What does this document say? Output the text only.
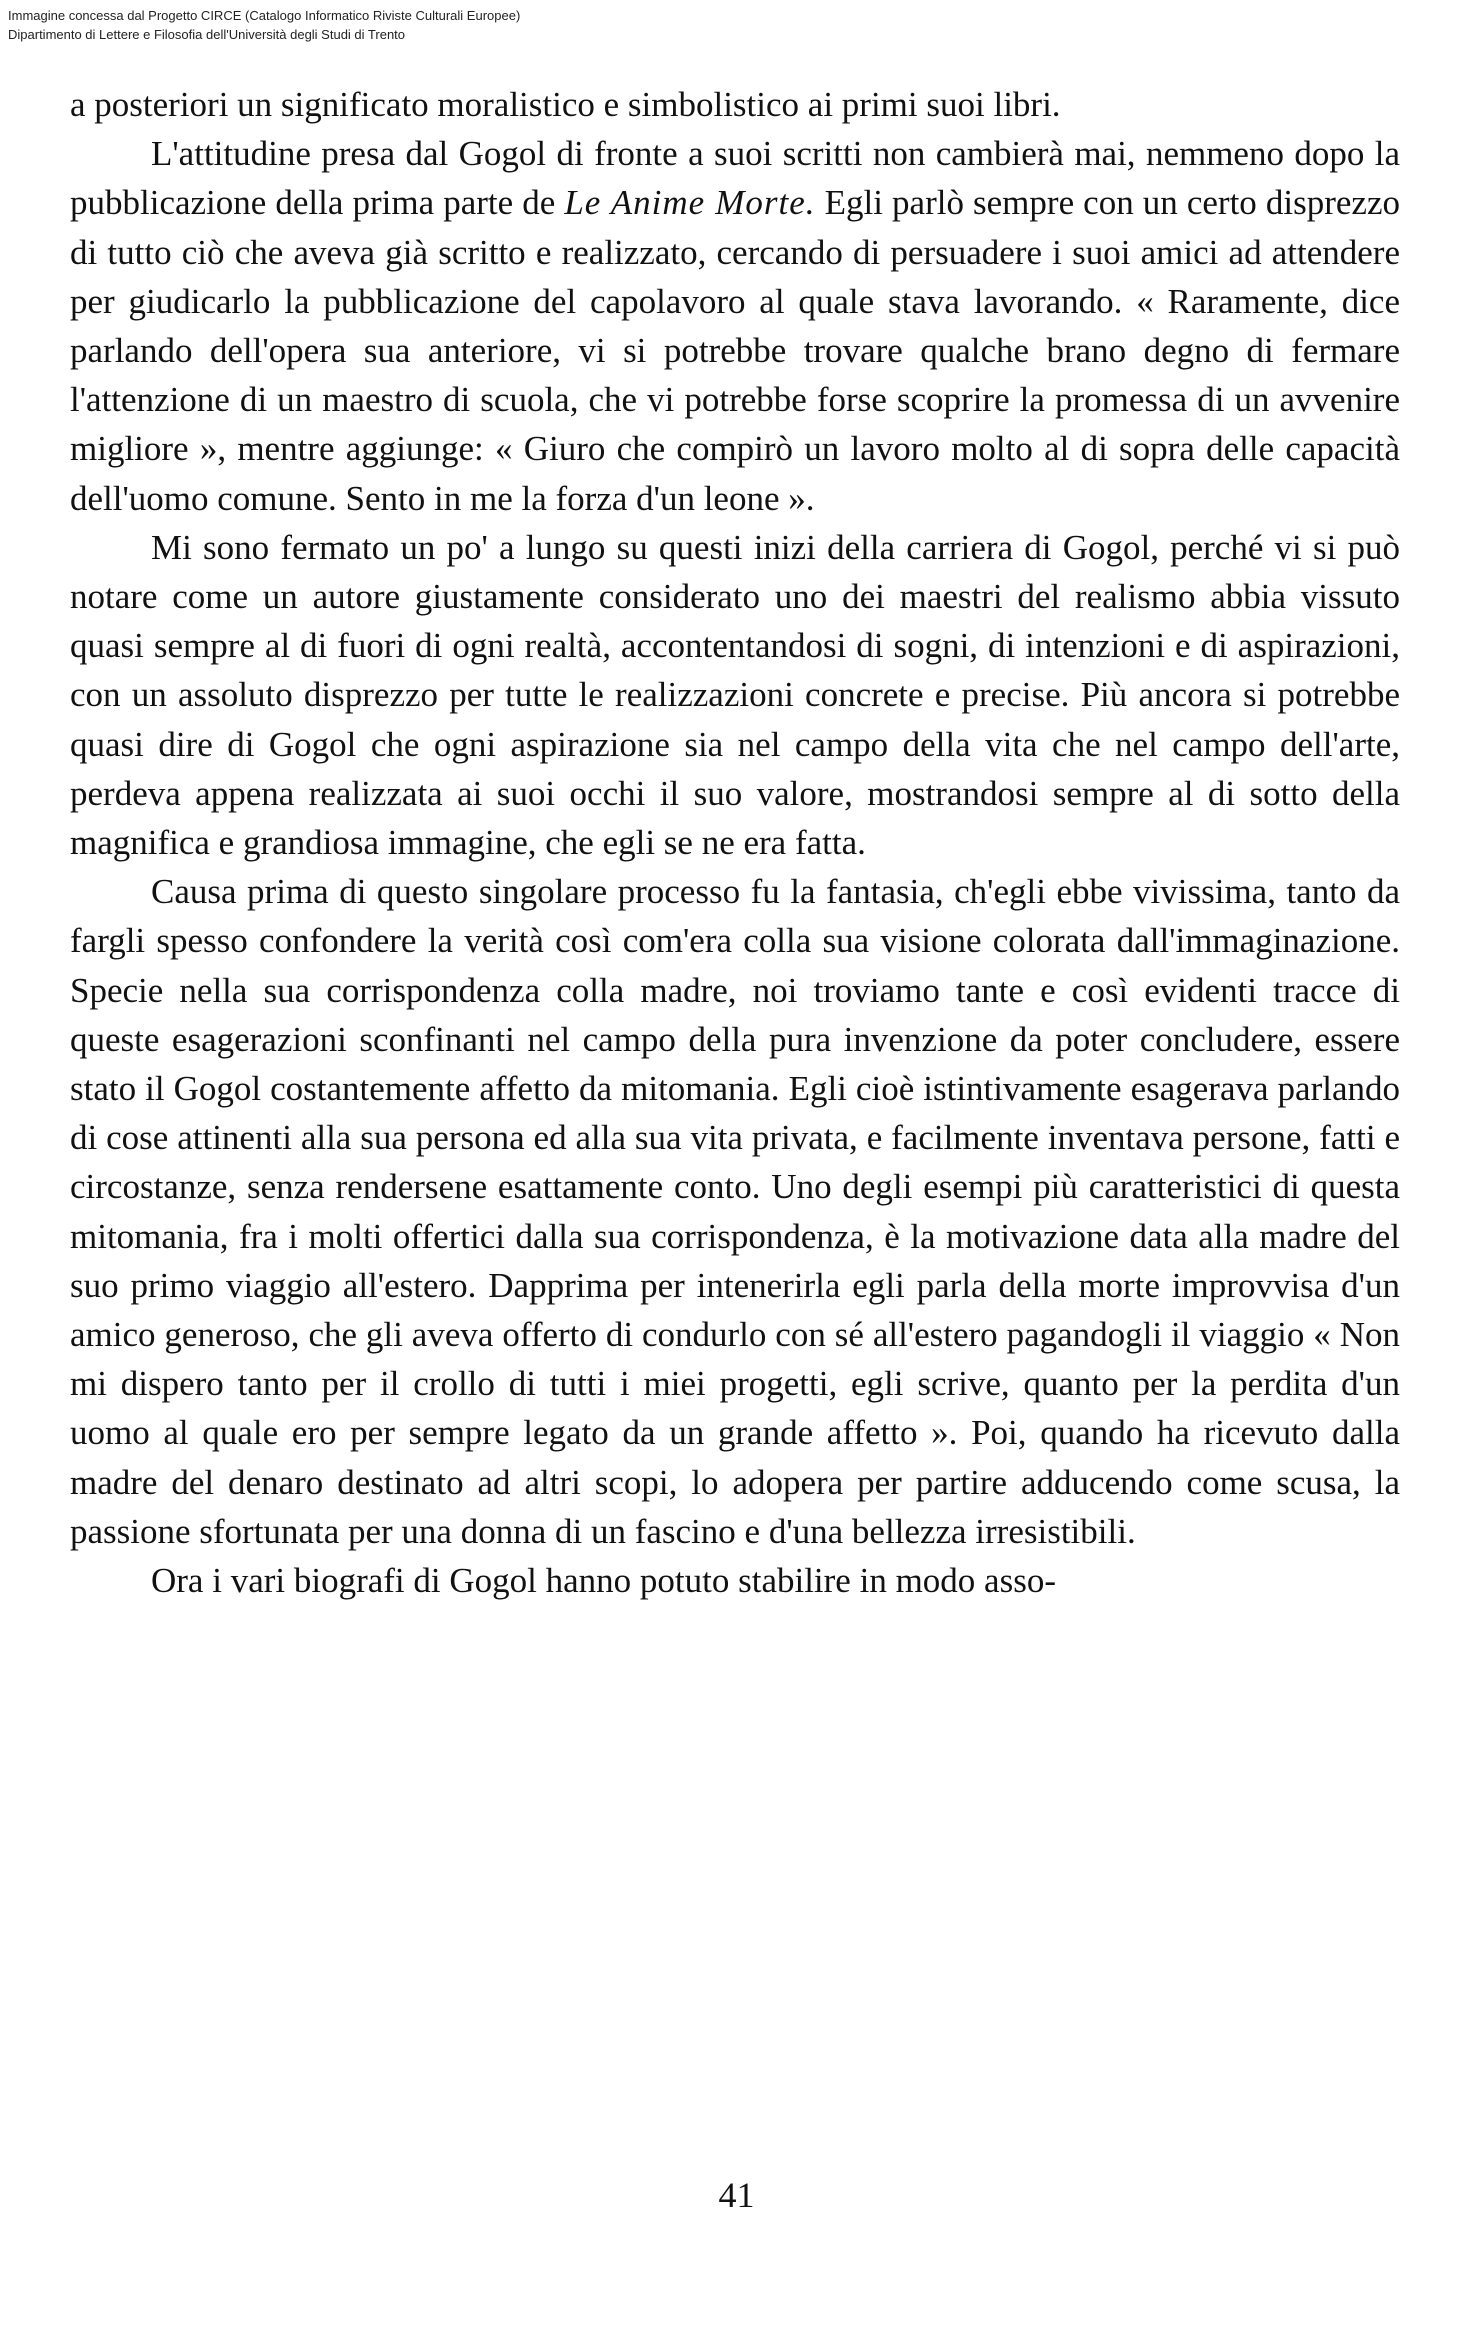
Immagine concessa dal Progetto CIRCE (Catalogo Informatico Riviste Culturali Europee)
Dipartimento di Lettere e Filosofia dell'Università degli Studi di Trento

a posteriori un significato moralistico e simbolistico ai primi suoi libri.

L'attitudine presa dal Gogol di fronte a suoi scritti non cambierà mai, nemmeno dopo la pubblicazione della prima parte de Le Anime Morte. Egli parlò sempre con un certo disprezzo di tutto ciò che aveva già scritto e realizzato, cercando di persuadere i suoi amici ad attendere per giudicarlo la pubblicazione del capolavoro al quale stava lavorando. « Raramente, dice parlando dell'opera sua anteriore, vi si potrebbe trovare qualche brano degno di fermare l'attenzione di un maestro di scuola, che vi potrebbe forse scoprire la promessa di un avvenire migliore », mentre aggiunge: « Giuro che compirò un lavoro molto al di sopra delle capacità dell'uomo comune. Sento in me la forza d'un leone ».

Mi sono fermato un po' a lungo su questi inizi della carriera di Gogol, perché vi si può notare come un autore giustamente considerato uno dei maestri del realismo abbia vissuto quasi sempre al di fuori di ogni realtà, accontentandosi di sogni, di intenzioni e di aspirazioni, con un assoluto disprezzo per tutte le realizzazioni concrete e precise. Più ancora si potrebbe quasi dire di Gogol che ogni aspirazione sia nel campo della vita che nel campo dell'arte, perdeva appena realizzata ai suoi occhi il suo valore, mostrandosi sempre al di sotto della magnifica e grandiosa immagine, che egli se ne era fatta.

Causa prima di questo singolare processo fu la fantasia, ch'egli ebbe vivissima, tanto da fargli spesso confondere la verità così com'era colla sua visione colorata dall'immaginazione. Specie nella sua corrispondenza colla madre, noi troviamo tante e così evidenti tracce di queste esagerazioni sconfinanti nel campo della pura invenzione da poter concludere, essere stato il Gogol costantemente affetto da mitomania. Egli cioè istintivamente esagerava parlando di cose attinenti alla sua persona ed alla sua vita privata, e facilmente inventava persone, fatti e circostanze, senza rendersene esattamente conto. Uno degli esempi più caratteristici di questa mitomania, fra i molti offertici dalla sua corrispondenza, è la motivazione data alla madre del suo primo viaggio all'estero. Dapprima per intenerirla egli parla della morte improvvisa d'un amico generoso, che gli aveva offerto di condurlo con sé all'estero pagandogli il viaggio « Non mi dispero tanto per il crollo di tutti i miei progetti, egli scrive, quanto per la perdita d'un uomo al quale ero per sempre legato da un grande affetto ». Poi, quando ha ricevuto dalla madre del denaro destinato ad altri scopi, lo adopera per partire adducendo come scusa, la passione sfortunata per una donna di un fascino e d'una bellezza irresistibili.

Ora i vari biografi di Gogol hanno potuto stabilire in modo asso-

41
